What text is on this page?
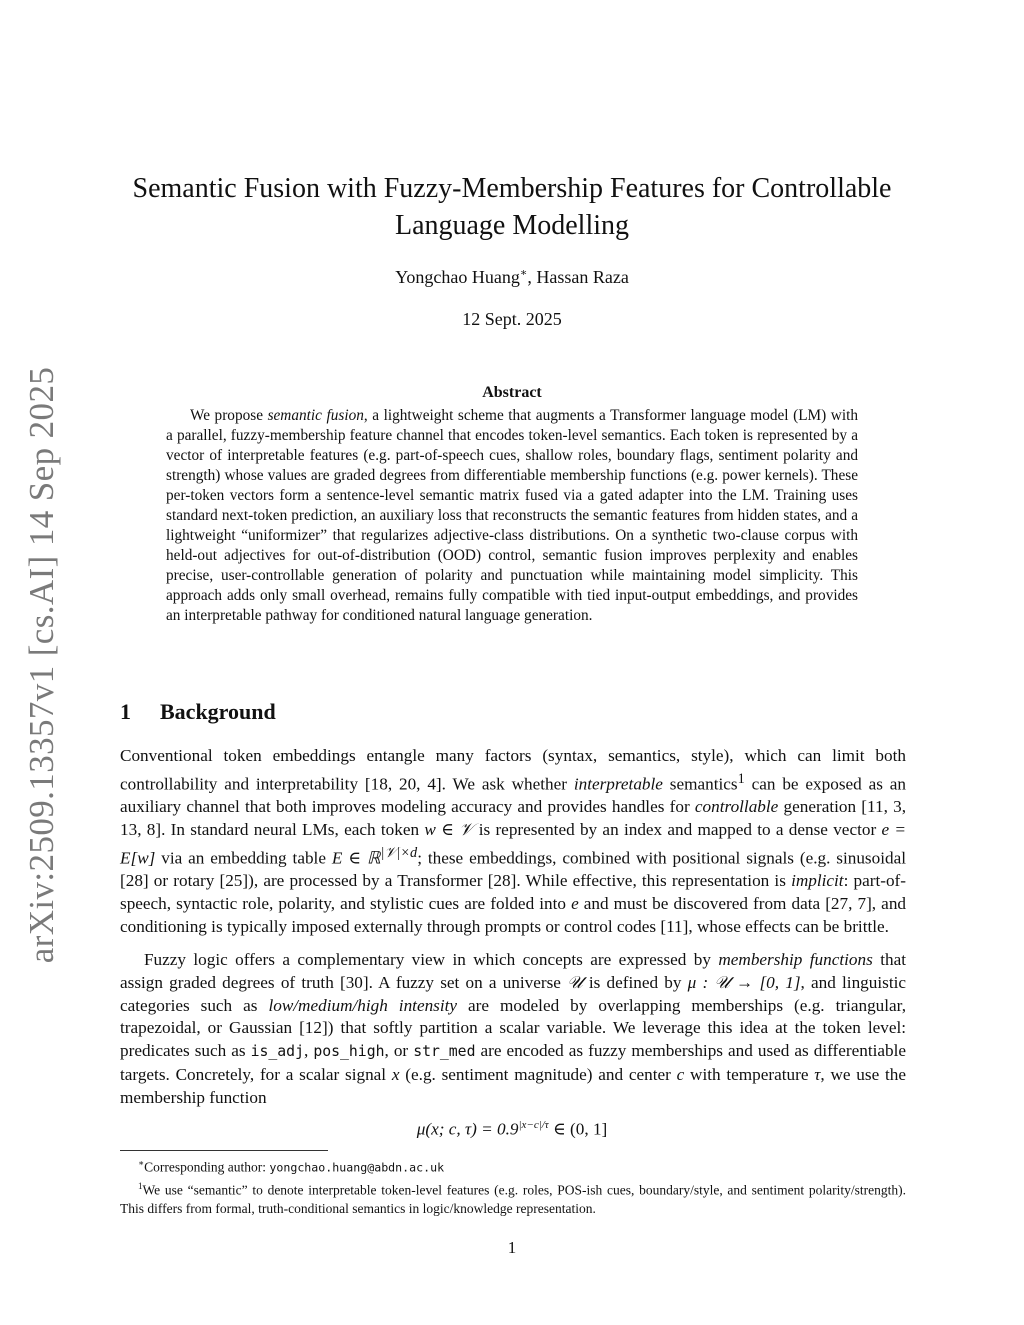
arXiv:2509.13357v1 [cs.AI] 14 Sep 2025
Semantic Fusion with Fuzzy-Membership Features for Controllable Language Modelling
Yongchao Huang∗, Hassan Raza
12 Sept. 2025
Abstract

We propose semantic fusion, a lightweight scheme that augments a Transformer language model (LM) with a parallel, fuzzy-membership feature channel that encodes token-level semantics. Each token is represented by a vector of interpretable features (e.g. part-of-speech cues, shallow roles, boundary flags, sentiment polarity and strength) whose values are graded degrees from differentiable membership functions (e.g. power kernels). These per-token vectors form a sentence-level semantic matrix fused via a gated adapter into the LM. Training uses standard next-token prediction, an auxiliary loss that reconstructs the semantic features from hidden states, and a lightweight “uniformizer” that regularizes adjective-class distributions. On a synthetic two-clause corpus with held-out adjectives for out-of-distribution (OOD) control, semantic fusion improves perplexity and enables precise, user-controllable generation of polarity and punctuation while maintaining model simplicity. This approach adds only small overhead, remains fully compatible with tied input-output embeddings, and provides an interpretable pathway for conditioned natural language generation.

1 Background

Conventional token embeddings entangle many factors (syntax, semantics, style), which can limit both controllability and interpretability [18, 20, 4]. We ask whether interpretable semantics$^1$ can be exposed as an auxiliary channel that both improves modeling accuracy and provides handles for controllable generation [11, 3, 13, 8]. In standard neural LMs, each token w ∈ 𝒱 is represented by an index and mapped to a dense vector e = E[w] via an embedding table E ∈ ℝ$^{|𝒱|\times d}$; these embeddings, combined with positional signals (e.g. sinusoidal [28] or rotary [25]), are processed by a Transformer [28]. While effective, this representation is implicit: part-of-speech, syntactic role, polarity, and stylistic cues are folded into e and must be discovered from data [27, 7], and conditioning is typically imposed externally through prompts or control codes [11], whose effects can be brittle.

Fuzzy logic offers a complementary view in which concepts are expressed by membership functions that assign graded degrees of truth [30]. A fuzzy set on a universe 𝒰 is defined by μ : 𝒰 → [0, 1], and linguistic categories such as low/medium/high intensity are modeled by overlapping memberships (e.g. triangular, trapezoidal, or Gaussian [12]) that softly partition a scalar variable. We leverage this idea at the token level: predicates such as is_adj, pos_high, or str_med are encoded as fuzzy memberships and used as differentiable targets. Concretely, for a scalar signal x (e.g. sentiment magnitude) and center c with temperature τ, we use the membership function

μ(x; c, $\tau) = 0.9^{|x-c|/\tau}$ ∈ (0, 1]

∗Corresponding author: yongchao.huang@abdn.ac.uk

$^1$We use “semantic” to denote interpretable token-level features (e.g. roles, POS-ish cues, boundary/style, and sentiment polarity/strength). This differs from formal, truth-conditional semantics in logic/knowledge representation.

1
